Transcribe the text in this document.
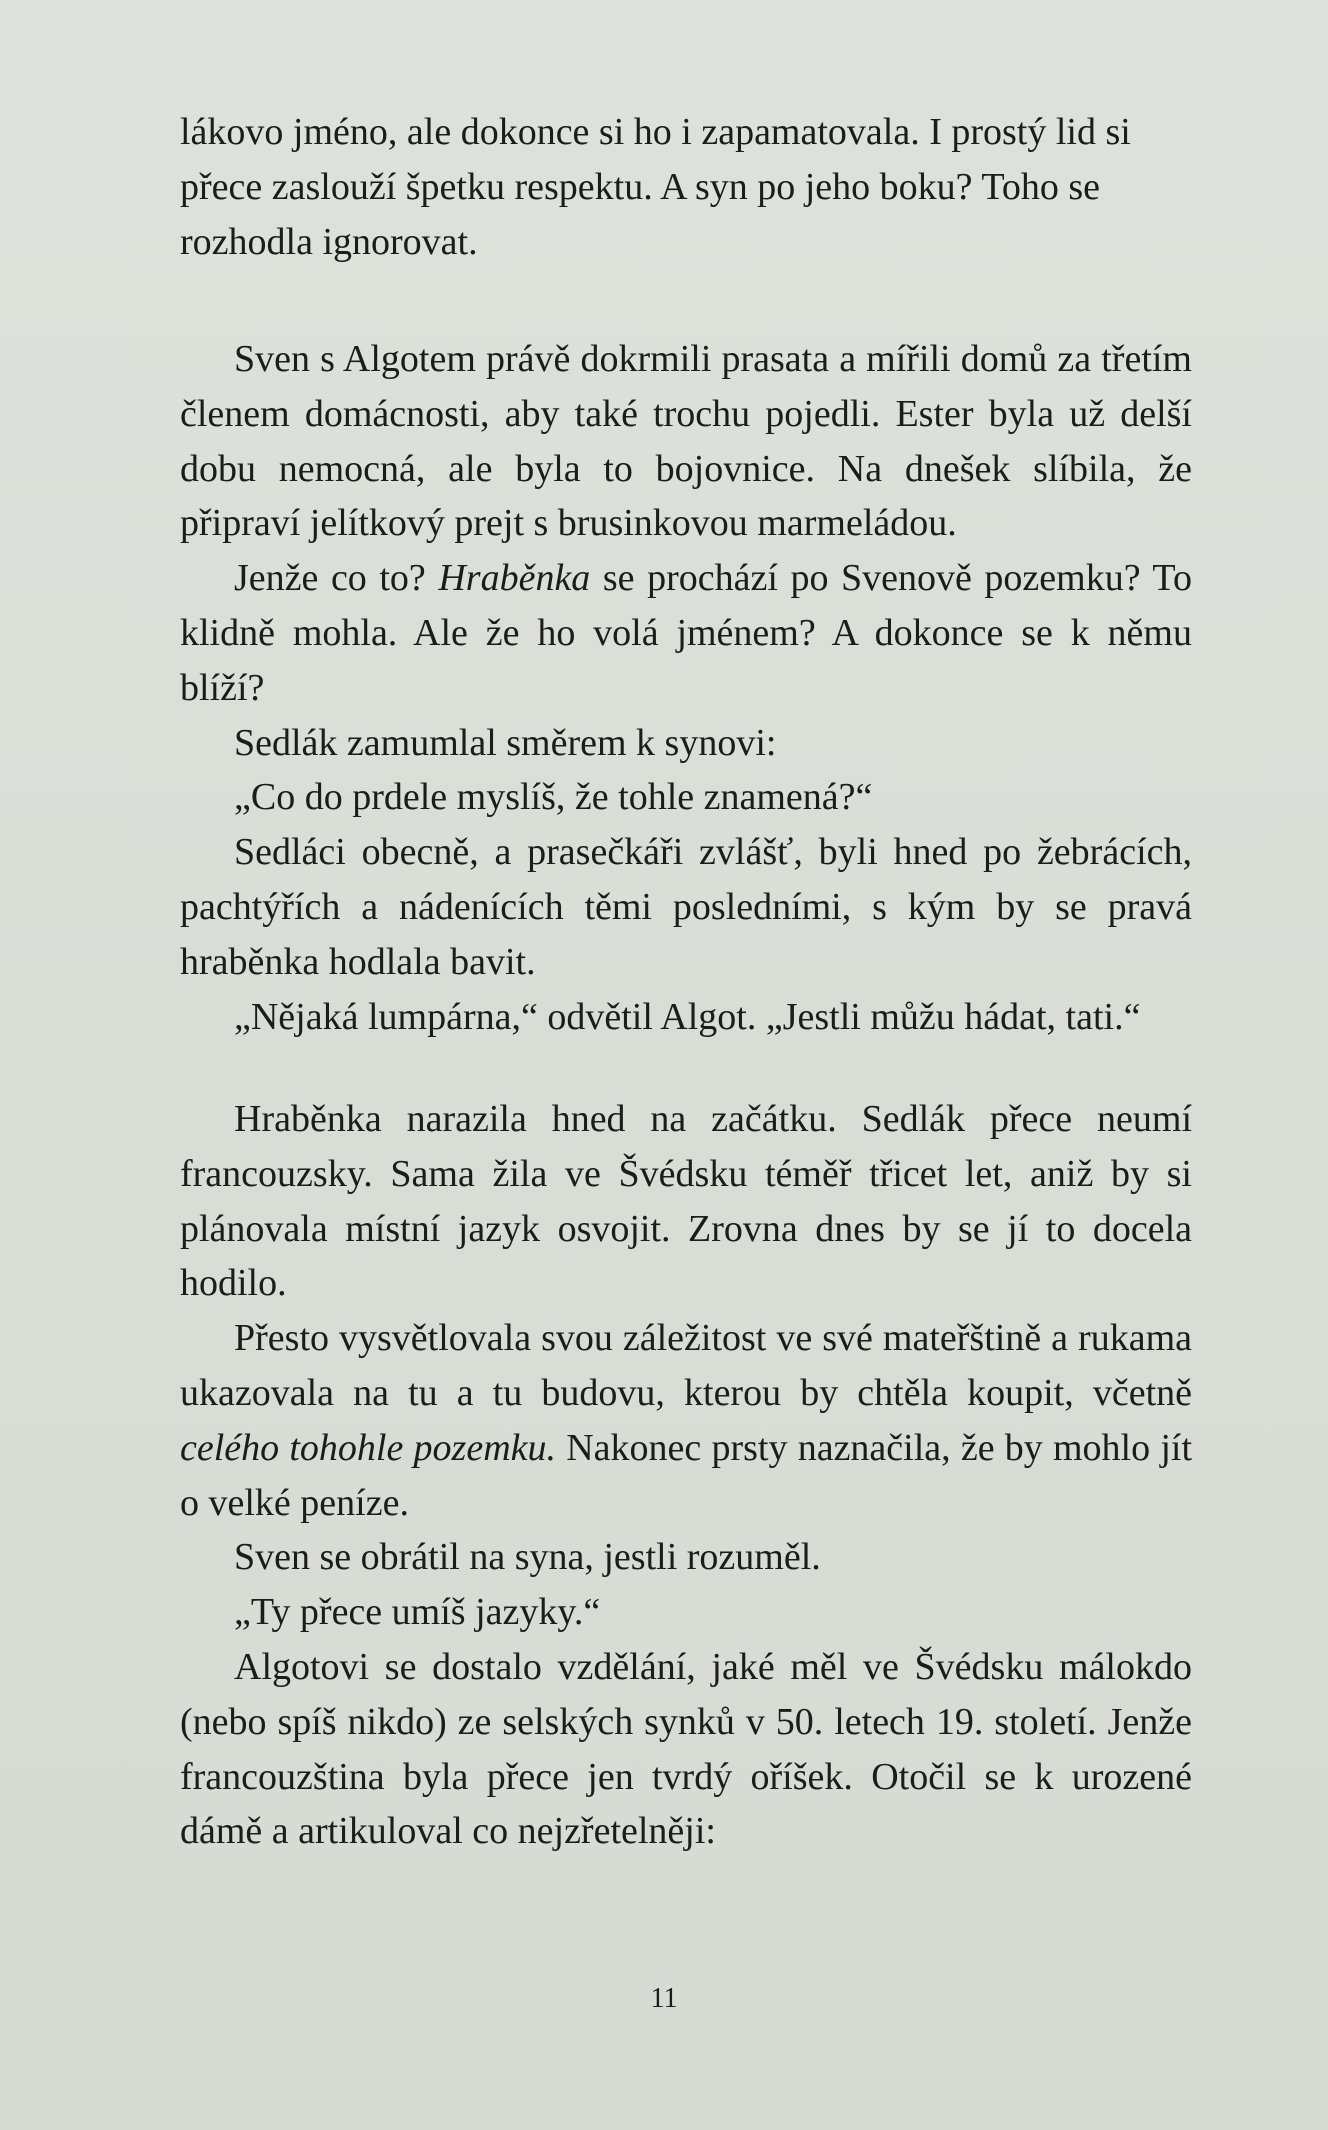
lákovo jméno, ale dokonce si ho i zapamatovala. I prostý lid si přece zaslouží špetku respektu. A syn po jeho boku? Toho se rozhodla ignorovat.

Sven s Algotem právě dokrmili prasata a mířili domů za třetím členem domácnosti, aby také trochu pojedli. Ester byla už delší dobu nemocná, ale byla to bojovnice. Na dnešek slíbila, že připraví jelítkový prejt s brusinkovou marmeládou.

Jenže co to? Hraběnka se prochází po Svenově pozemku? To klidně mohla. Ale že ho volá jménem? A dokonce se k němu blíží?

Sedlák zamumlal směrem k synovi:

„Co do prdele myslíš, že tohle znamená?“

Sedláci obecně, a prasečkáři zvlášť, byli hned po žebrácích, pachtýřích a nádenících těmi posledními, s kým by se pravá hraběnka hodlala bavit.

„Nějaká lumpárna,“ odvětil Algot. „Jestli můžu hádat, tati.“

Hraběnka narazila hned na začátku. Sedlák přece neumí francouzsky. Sama žila ve Švédsku téměř třicet let, aniž by si plánovala místní jazyk osvojit. Zrovna dnes by se jí to docela hodilo.

Přesto vysvětlovala svou záležitost ve své mateřštině a rukama ukazovala na tu a tu budovu, kterou by chtěla koupit, včetně celého tohohle pozemku. Nakonec prsty naznačila, že by mohlo jít o velké peníze.

Sven se obrátil na syna, jestli rozuměl.

„Ty přece umíš jazyky.“

Algotovi se dostalo vzdělání, jaké měl ve Švédsku málokdo (nebo spíš nikdo) ze selských synků v 50. letech 19. století. Jenže francouzština byla přece jen tvrdý oříšek. Otočil se k urozené dámě a artikuloval co nejzřetelněji:

11
